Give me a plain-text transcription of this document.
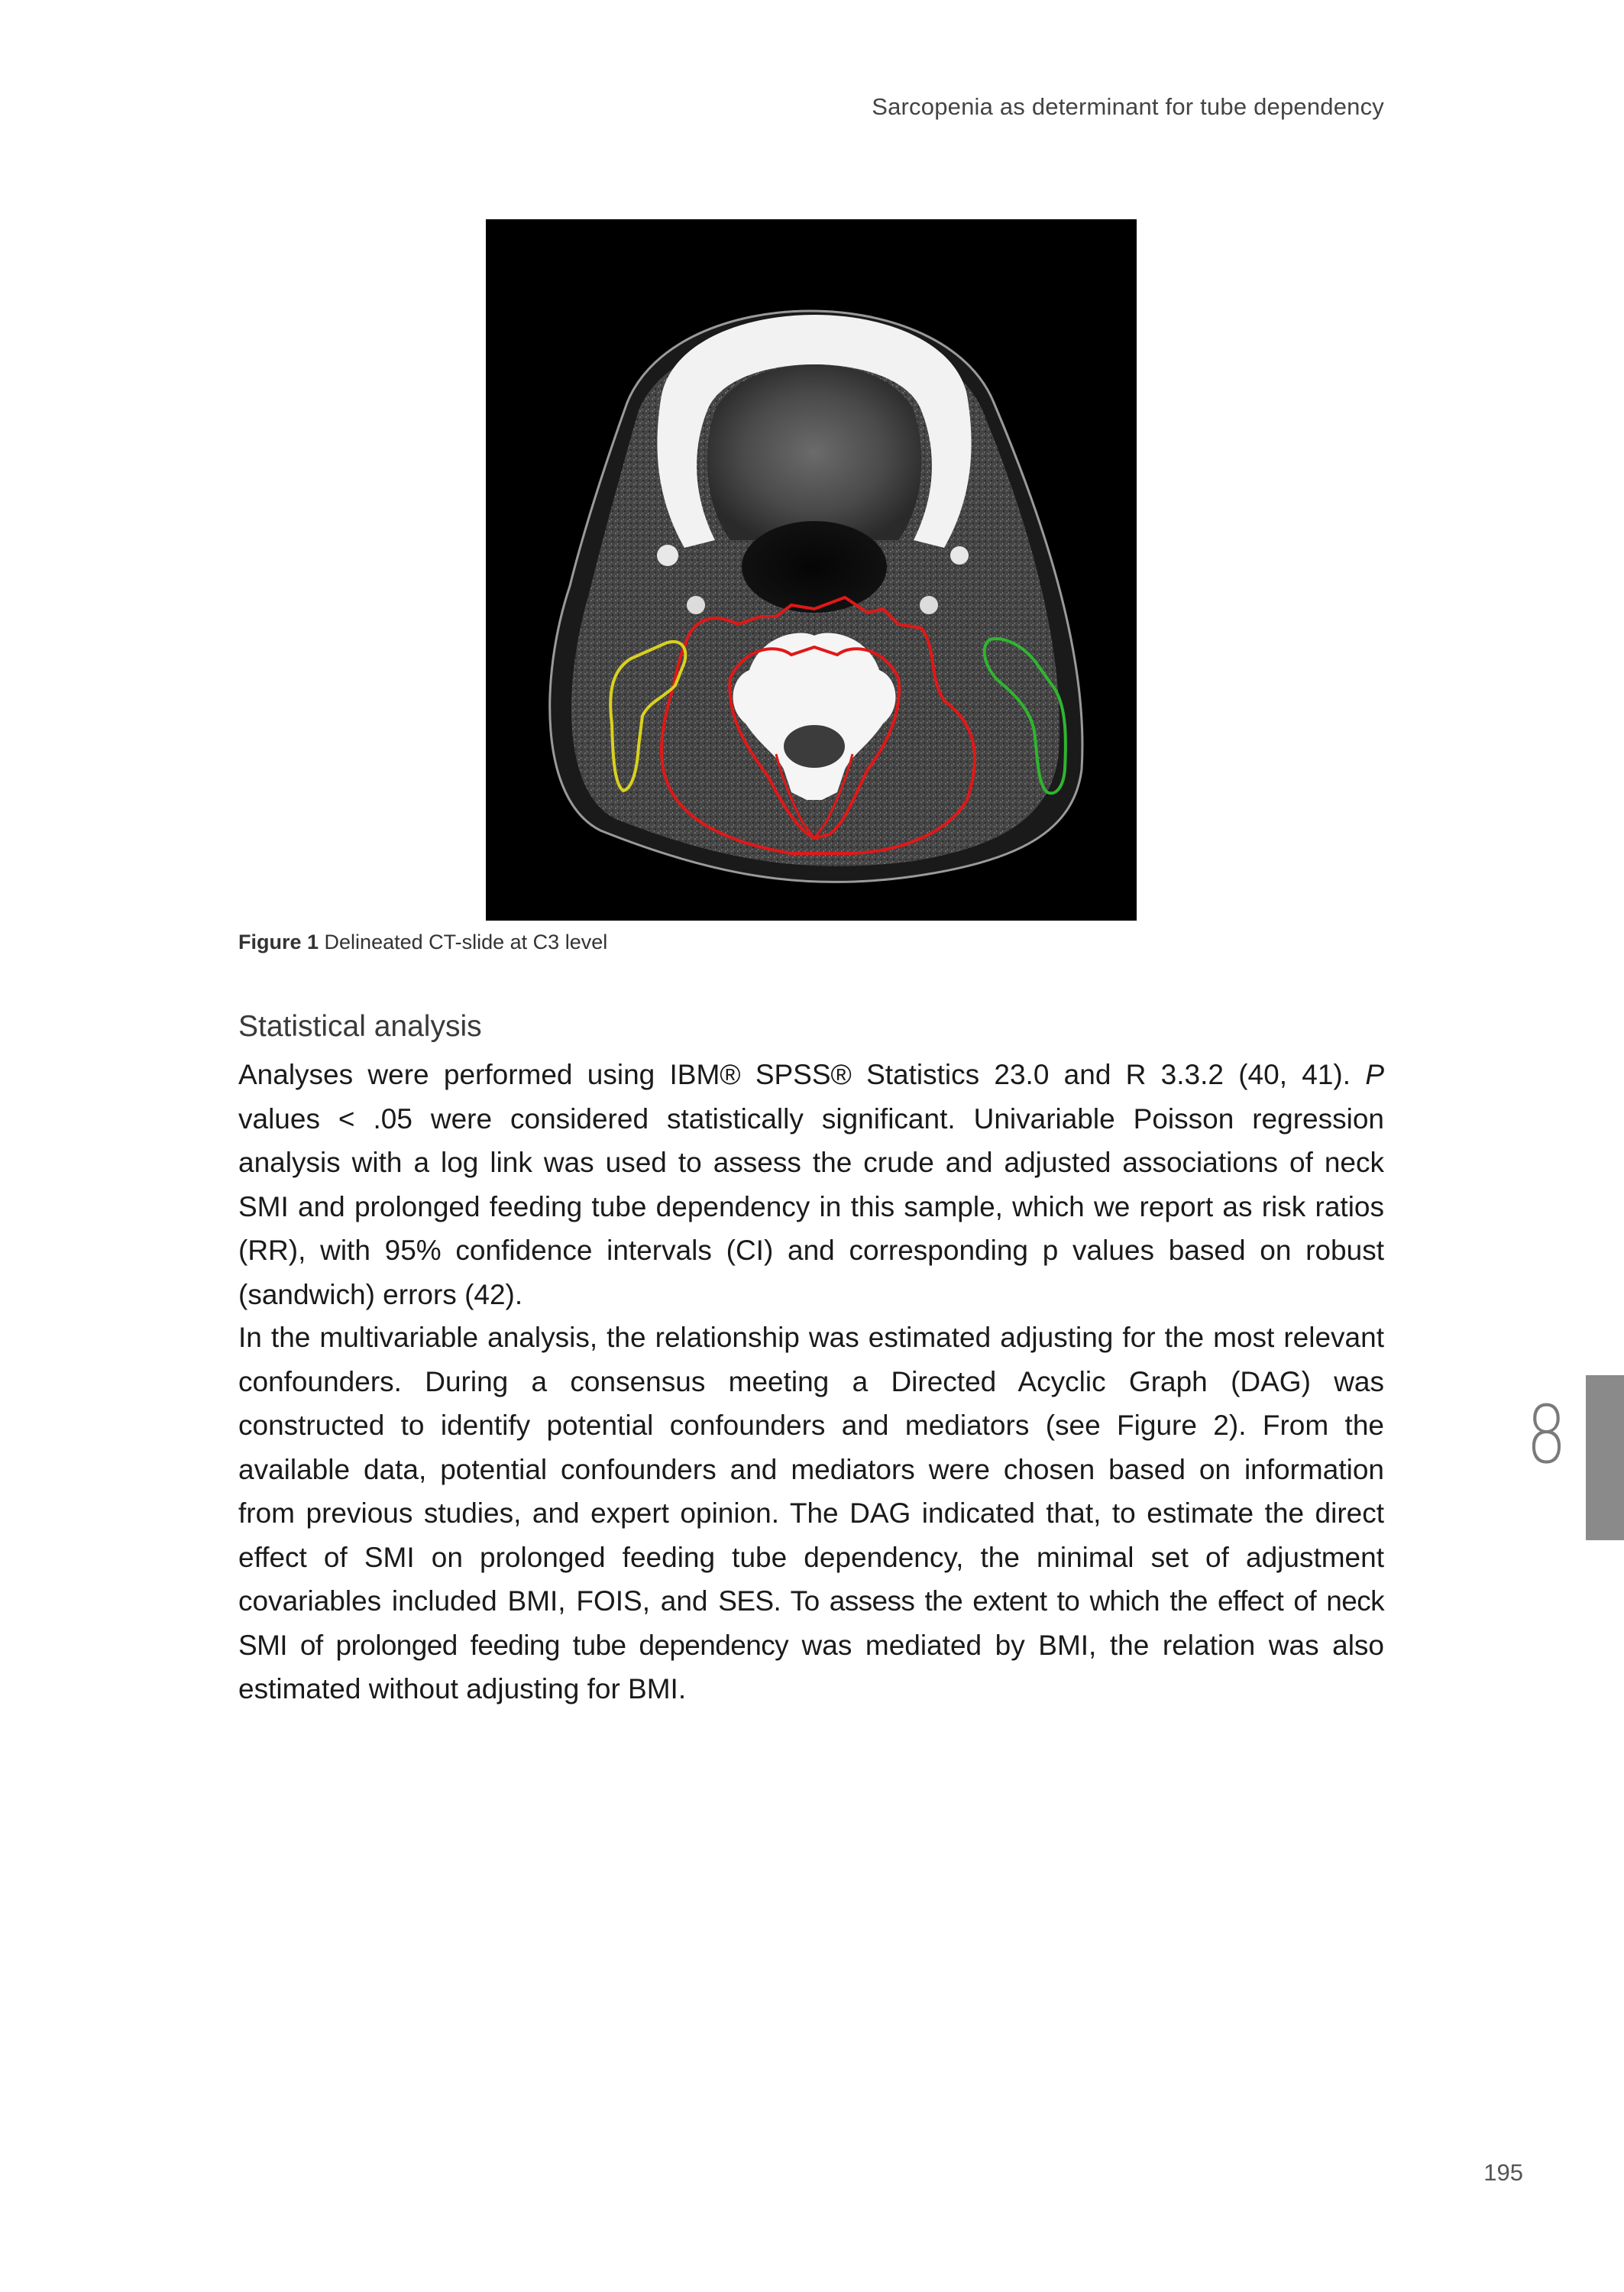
Sarcopenia as determinant for tube dependency
Figure 1 Delineated CT-slide at C3 level
Statistical analysis

Analyses were performed using IBM® SPSS® Statistics 23.0 and R 3.3.2 (40, 41). P values < .05 were considered statistically significant. Univariable Poisson regression analysis with a log link was used to assess the crude and adjusted associations of neck SMI and prolonged feeding tube dependency in this sample, which we report as risk ratios (RR), with 95% confidence intervals (CI) and corresponding p values based on robust (sandwich) errors (42).

In the multivariable analysis, the relationship was estimated adjusting for the most relevant confounders. During a consensus meeting a Directed Acyclic Graph (DAG) was constructed to identify potential confounders and mediators (see Figure 2). From the available data, potential confounders and mediators were chosen based on information from previous studies, and expert opinion. The DAG indicated that, to estimate the direct effect of SMI on prolonged feeding tube dependency, the minimal set of adjustment covariables included BMI, FOIS, and SES. To assess the extent to which the effect of neck SMI of prolonged feeding tube dependency was mediated by BMI, the relation was also estimated without adjusting for BMI.

8
195
